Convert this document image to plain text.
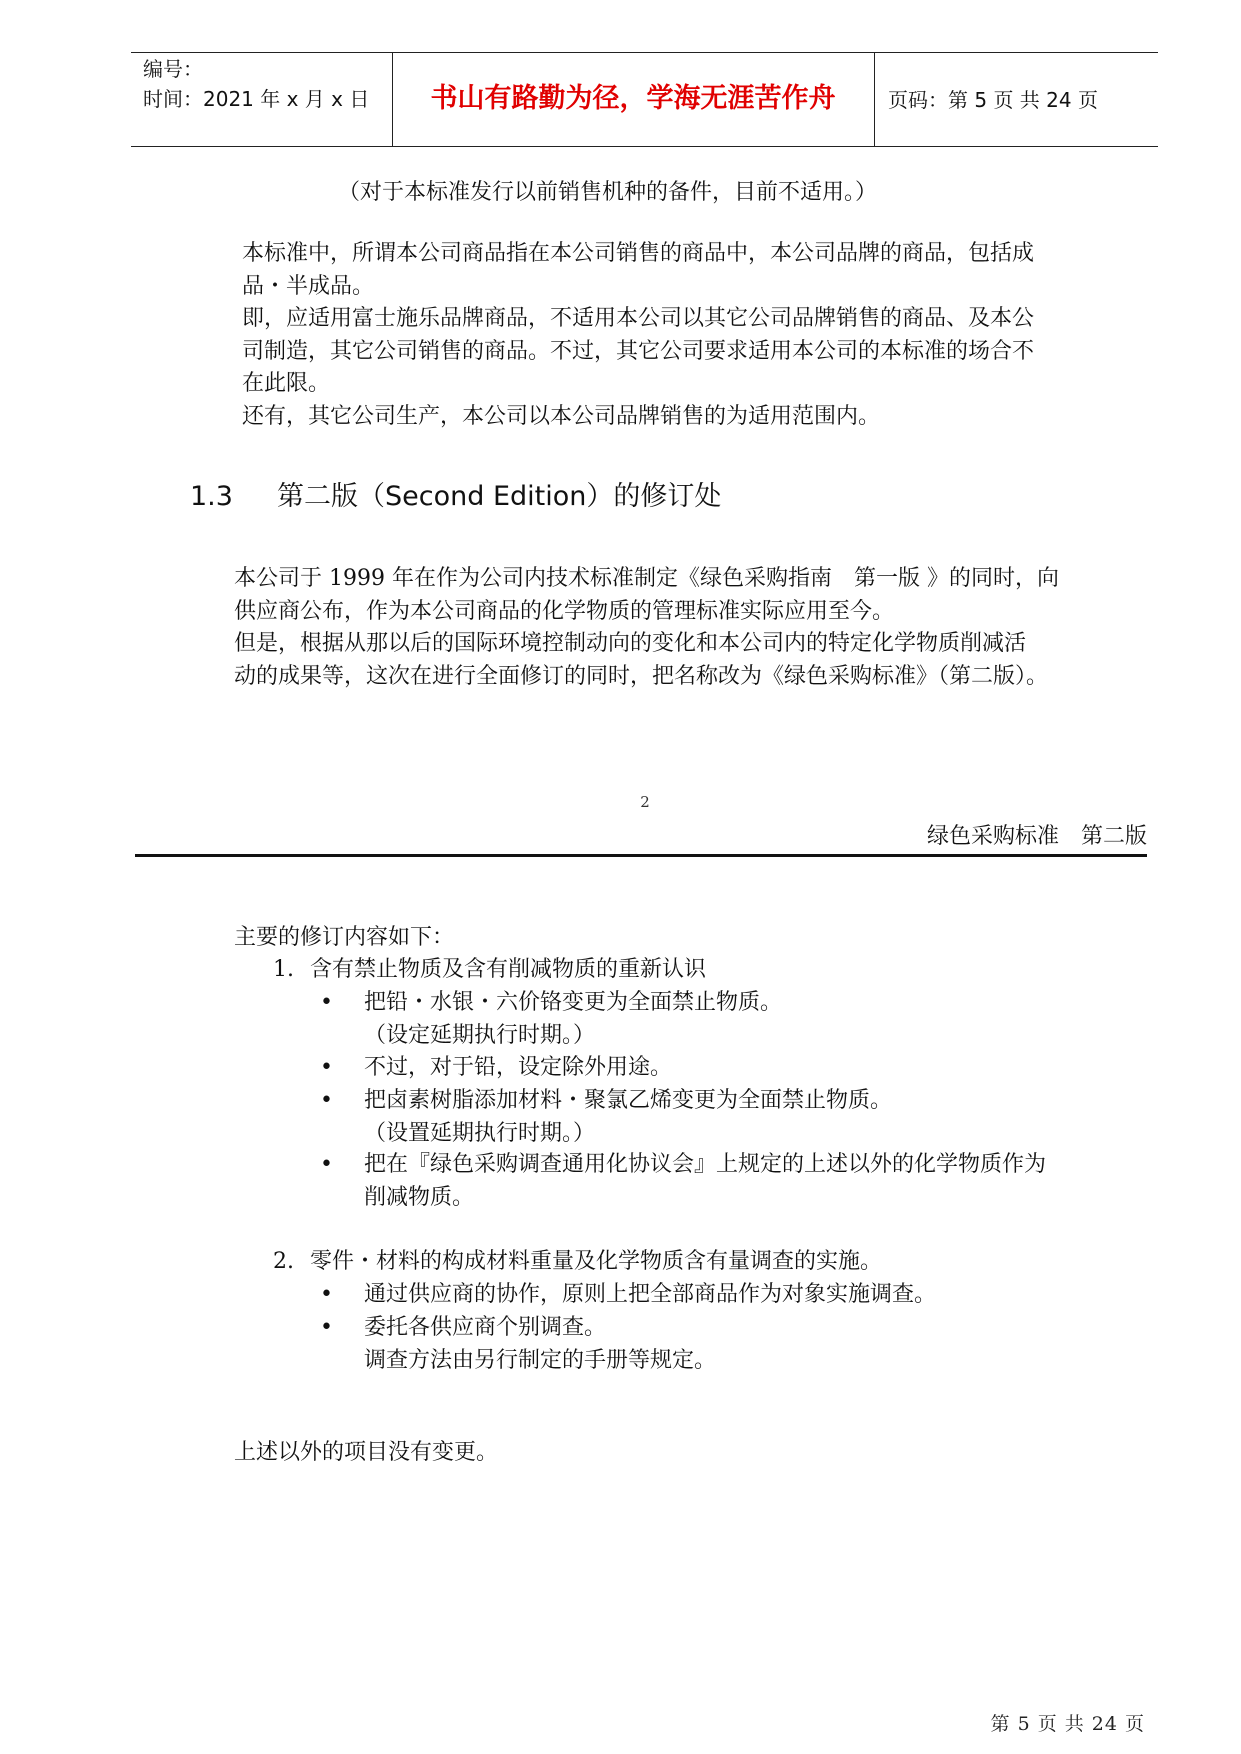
编号：
时间：2021 年 x 月 x 日	书山有路勤为径，学海无涯苦作舟	页码：第 5 页 共 24 页
（对于本标准发行以前销售机种的备件，目前不适用。）
本标准中，所谓本公司商品指在本公司销售的商品中，本公司品牌的商品，包括成
品・半成品。
即，应适用富士施乐品牌商品，不适用本公司以其它公司品牌销售的商品、及本公
司制造，其它公司销售的商品。不过，其它公司要求适用本公司的本标准的场合不
在此限。
还有，其它公司生产，本公司以本公司品牌销售的为适用范围内。
1.3 第二版（Second Edition）的修订处
本公司于 1999 年在作为公司内技术标准制定《绿色采购指南　第一版 》的同时，向
供应商公布，作为本公司商品的化学物质的管理标准实际应用至今。
但是，根据从那以后的国际环境控制动向的变化和本公司内的特定化学物质削减活
动的成果等，这次在进行全面修订的同时，把名称改为《绿色采购标准》（第二版）。
2
绿色采购标准　第二版
主要的修订内容如下：
1. 含有禁止物质及含有削减物质的重新认识
• 把铅・水银・六价铬变更为全面禁止物质。
（设定延期执行时期。）
• 不过，对于铅，设定除外用途。
• 把卤素树脂添加材料・聚氯乙烯变更为全面禁止物质。
（设置延期执行时期。）
• 把在『绿色采购调查通用化协议会』上规定的上述以外的化学物质作为
削减物质。
2. 零件・材料的构成材料重量及化学物质含有量调查的实施。
• 通过供应商的协作，原则上把全部商品作为对象实施调查。
• 委托各供应商个别调查。
调查方法由另行制定的手册等规定。
上述以外的项目没有变更。
第 5 页 共 24 页
